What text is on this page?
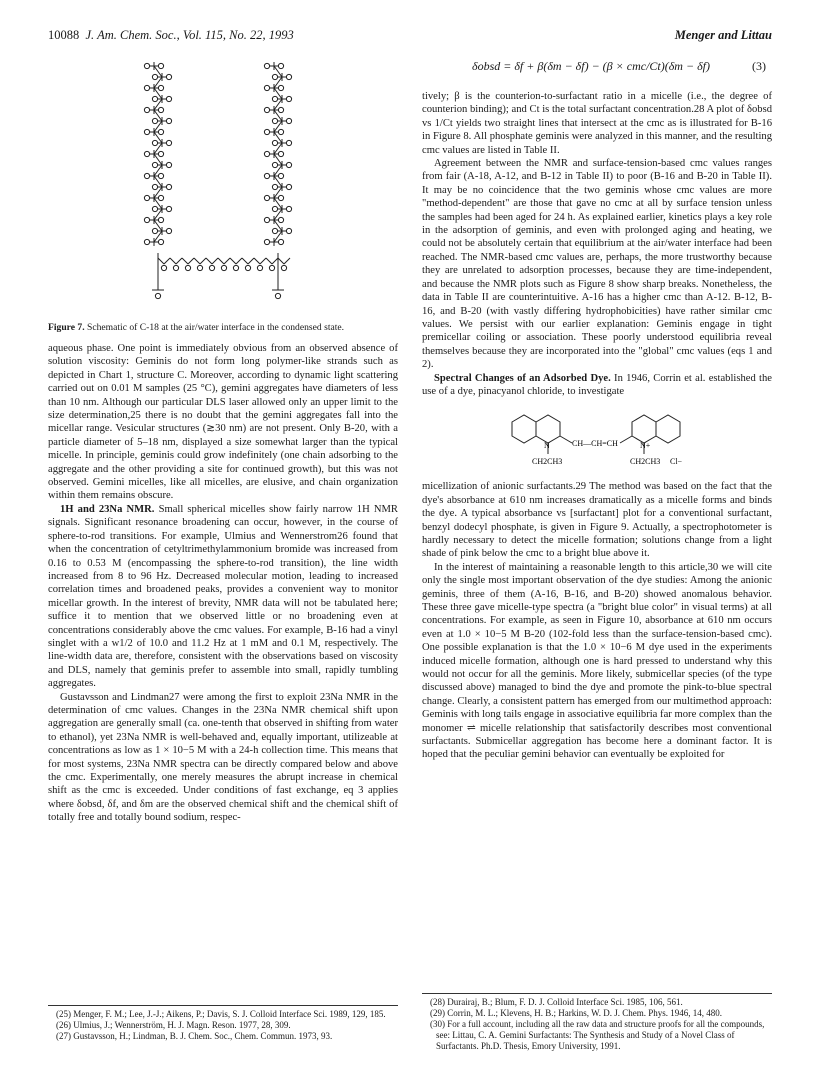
10088 J. Am. Chem. Soc., Vol. 115, No. 22, 1993	Menger and Littau
Figure 7. Schematic of C-18 at the air/water interface in the condensed state.

aqueous phase. One point is immediately obvious from an observed absence of solution viscosity: Geminis do not form long polymer-like strands such as depicted in Chart 1, structure C. Moreover, according to dynamic light scattering carried out on 0.01 M samples (25 °C), gemini aggregates have diameters of less than 10 nm. Although our particular DLS laser allowed only an upper limit to the size determination,25 there is no doubt that the gemini aggregates fall into the micellar range. Vesicular structures (≳30 nm) are not present. Only B-20, with a particle diameter of 5–18 nm, displayed a size somewhat larger than the typical micelle. In principle, geminis could grow indefinitely (one chain adsorbing to the aggregate and the other providing a site for continued growth), but this was not observed. Gemini micelles, like all micelles, are elusive, and chain organization within them remains obscure.

1H and 23Na NMR. Small spherical micelles show fairly narrow 1H NMR signals. Significant resonance broadening can occur, however, in the course of sphere-to-rod transitions. For example, Ulmius and Wennerstrom26 found that when the concentration of cetyltrimethylammonium bromide was increased from 0.16 to 0.53 M (encompassing the sphere-to-rod transition), the line width increased from 8 to 96 Hz. Decreased molecular motion, leading to increased correlation times and broadened peaks, provides a convenient way to monitor micellar growth. In the interest of brevity, NMR data will not be tabulated here; suffice it to mention that we observed little or no broadening even at concentrations considerably above the cmc values. For example, B-16 had a vinyl singlet with a w1/2 of 10.0 and 11.2 Hz at 1 mM and 0.1 M, respectively. The line-width data are, therefore, consistent with the observations based on viscosity and DLS, namely that geminis prefer to assemble into small, rapidly tumbling aggregates.

Gustavsson and Lindman27 were among the first to exploit 23Na NMR in the determination of cmc values. Changes in the 23Na NMR chemical shift upon aggregation are generally small (ca. one-tenth that observed in shifting from water to ethanol), yet 23Na NMR is well-behaved and, equally important, utilizeable at concentrations as low as 1 × 10−5 M with a 24-h collection time. This means that for most systems, 23Na NMR spectra can be directly compared below and above the cmc. Experimentally, one merely measures the abrupt increase in chemical shift as the cmc is exceeded. Under conditions of fast exchange, eq 3 applies where δobsd, δf, and δm are the observed chemical shift and the chemical shift of totally free and totally bound sodium, respec-

(25) Menger, F. M.; Lee, J.-J.; Aikens, P.; Davis, S. J. Colloid Interface Sci. 1989, 129, 185.
(26) Ulmius, J.; Wennerström, H. J. Magn. Reson. 1977, 28, 309.
(27) Gustavsson, H.; Lindman, B. J. Chem. Soc., Chem. Commun. 1973, 93.
δobsd = δf + β(δm − δf) − (β × cmc/Ct)(δm − δf)	(3)

tively; β is the counterion-to-surfactant ratio in a micelle (i.e., the degree of counterion binding); and Ct is the total surfactant concentration.28 A plot of δobsd vs 1/Ct yields two straight lines that intersect at the cmc as is illustrated for B-16 in Figure 8. All phosphate geminis were analyzed in this manner, and the resulting cmc values are listed in Table II.

Agreement between the NMR and surface-tension-based cmc values ranges from fair (A-18, A-12, and B-12 in Table II) to poor (B-16 and B-20 in Table II). It may be no coincidence that the two geminis whose cmc values are more "method-dependent" are those that gave no cmc at all by surface tension unless the samples had been aged for 24 h. As explained earlier, kinetics plays a key role in the adsorption of geminis, and even with prolonged aging and heating, we could not be absolutely certain that equilibrium at the air/water interface had been reached. The NMR-based cmc values are, perhaps, the more trustworthy because they are unrelated to adsorption processes, because they are time-independent, and because the NMR plots such as Figure 8 show sharp breaks. Nonetheless, the data in Table II are counterintuitive. A-16 has a higher cmc than A-12. B-12, B-16, and B-20 (with vastly differing hydrophobicities) have rather similar cmc values. We persist with our earlier explanation: Geminis engage in tight premicellar coiling or association. These poorly understood equilibria reveal themselves because they are incorporated into the "global" cmc values (eqs 1 and 2).

Spectral Changes of an Adsorbed Dye. In 1946, Corrin et al. established the use of a dye, pinacyanol chloride, to investigate

N	CH—CH=CH	N+
CH2CH3	CH2CH3 Cl−

micellization of anionic surfactants.29 The method was based on the fact that the dye's absorbance at 610 nm increases dramatically as a micelle forms and binds the dye. A typical absorbance vs [surfactant] plot for a conventional surfactant, benzyl dodecyl phosphate, is given in Figure 9. Actually, a spectrophotometer is hardly necessary to detect the micelle formation; solutions change from a light shade of pink below the cmc to a bright blue above it.

In the interest of maintaining a reasonable length to this article,30 we will cite only the single most important observation of the dye studies: Among the anionic geminis, three of them (A-16, B-16, and B-20) showed anomalous behavior. These three gave micelle-type spectra (a "bright blue color" in visual terms) at all concentrations. For example, as seen in Figure 10, absorbance at 610 nm occurs even at 1.0 × 10−5 M B-20 (102-fold less than the surface-tension-based cmc). One possible explanation is that the 1.0 × 10−6 M dye used in the experiments induced micelle formation, although one is hard pressed to understand why this would not occur for all the geminis. More likely, submicellar species (of the type discussed above) managed to bind the dye and promote the pink-to-blue spectral change. Clearly, a consistent pattern has emerged from our multimethod approach: Geminis with long tails engage in associative equilibria far more complex than the monomer ⇌ micelle relationship that satisfactorily describes most conventional surfactants. Submicellar aggregation has become here a dominant factor. It is hoped that the peculiar gemini behavior can eventually be exploited for

(28) Durairaj, B.; Blum, F. D. J. Colloid Interface Sci. 1985, 106, 561.
(29) Corrin, M. L.; Klevens, H. B.; Harkins, W. D. J. Chem. Phys. 1946, 14, 480.
(30) For a full account, including all the raw data and structure proofs for all the compounds, see: Littau, C. A. Gemini Surfactants: The Synthesis and Study of a Novel Class of Surfactants. Ph.D. Thesis, Emory University, 1991.
